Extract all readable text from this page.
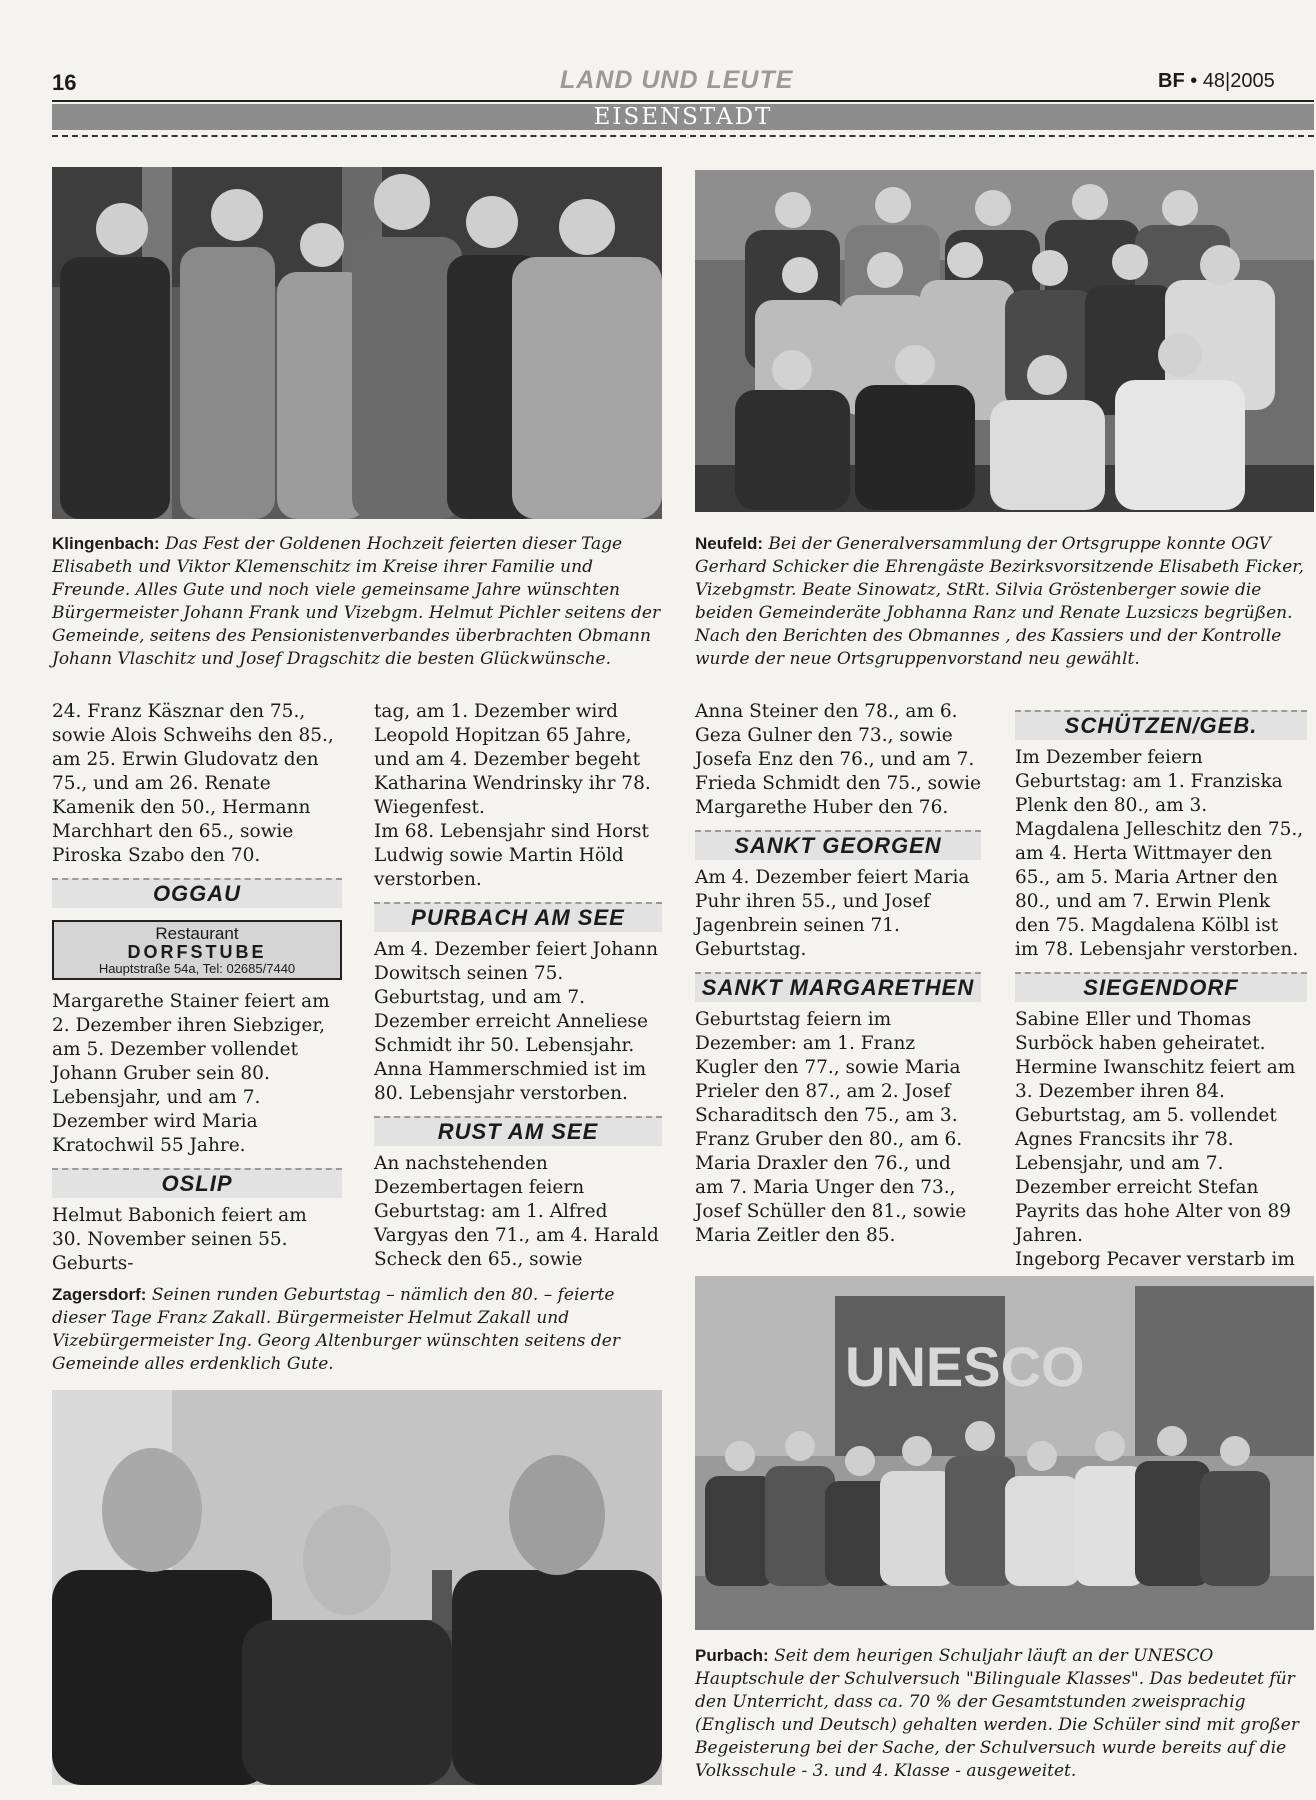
16	LAND UND LEUTE	BF • 48|2005
EISENSTADT
Klingenbach: Das Fest der Goldenen Hochzeit feierten dieser Tage Elisabeth und Viktor Klemenschitz im Kreise ihrer Familie und Freunde. Alles Gute und noch viele gemeinsame Jahre wünschten Bürgermeister Johann Frank und Vizebgm. Helmut Pichler seitens der Gemeinde, seitens des Pensionistenverbandes überbrachten Obmann Johann Vlaschitz und Josef Dragschitz die besten Glückwünsche.
Neufeld: Bei der Generalversammlung der Ortsgruppe konnte OGV Gerhard Schicker die Ehrengäste Bezirksvorsitzende Elisabeth Ficker, Vizebgmstr. Beate Sinowatz, StRt. Silvia Gröstenberger sowie die beiden Gemeinderäte Jobhanna Ranz und Renate Luzsiczs begrüßen. Nach den Berichten des Obmannes , des Kassiers und der Kontrolle wurde der neue Ortsgruppenvorstand neu gewählt.

24. Franz Käsznar den 75., sowie Alois Schweihs den 85., am 25. Erwin Gludovatz den 75., und am 26. Renate Kamenik den 50., Hermann Marchhart den 65., sowie Piroska Szabo den 70.

OGGAU
Restaurant
DORFSTUBE
Hauptstraße 54a, Tel: 02685/7440

Margarethe Stainer feiert am 2. Dezember ihren Siebziger, am 5. Dezember vollendet Johann Gruber sein 80. Lebensjahr, und am 7. Dezember wird Maria Kratochwil 55 Jahre.

OSLIP

Helmut Babonich feiert am 30. November seinen 55. Geburts-

tag, am 1. Dezember wird Leopold Hopitzan 65 Jahre, und am 4. Dezember begeht Katharina Wendrinsky ihr 78. Wiegenfest.

Im 68. Lebensjahr sind Horst Ludwig sowie Martin Höld verstorben.

PURBACH AM SEE

Am 4. Dezember feiert Johann Dowitsch seinen 75. Geburtstag, und am 7. Dezember erreicht Anneliese Schmidt ihr 50. Lebensjahr.

Anna Hammerschmied ist im 80. Lebensjahr verstorben.

RUST AM SEE

An nachstehenden Dezembertagen feiern Geburtstag: am 1. Alfred Vargyas den 71., am 4. Harald Scheck den 65., sowie

Anna Steiner den 78., am 6. Geza Gulner den 73., sowie Josefa Enz den 76., und am 7. Frieda Schmidt den 75., sowie Margarethe Huber den 76.

SANKT GEORGEN

Am 4. Dezember feiert Maria Puhr ihren 55., und Josef Jagenbrein seinen 71. Geburtstag.

SANKT MARGARETHEN

Geburtstag feiern im Dezember: am 1. Franz Kugler den 77., sowie Maria Prieler den 87., am 2. Josef Scharaditsch den 75., am 3. Franz Gruber den 80., am 6. Maria Draxler den 76., und am 7. Maria Unger den 73., Josef Schüller den 81., sowie Maria Zeitler den 85.

SCHÜTZEN/GEB.

Im Dezember feiern Geburtstag: am 1. Franziska Plenk den 80., am 3. Magdalena Jelleschitz den 75., am 4. Herta Wittmayer den 65., am 5. Maria Artner den 80., und am 7. Erwin Plenk den 75. Magdalena Kölbl ist im 78. Lebensjahr verstorben.

SIEGENDORF

Sabine Eller und Thomas Surböck haben geheiratet.

Hermine Iwanschitz feiert am 3. Dezember ihren 84. Geburtstag, am 5. vollendet Agnes Francsits ihr 78. Lebensjahr, und am 7. Dezember erreicht Stefan Payrits das hohe Alter von 89 Jahren.

Ingeborg Pecaver verstarb im

Zagersdorf: Seinen runden Geburtstag – nämlich den 80. – feierte dieser Tage Franz Zakall. Bürgermeister Helmut Zakall und Vizebürgermeister Ing. Georg Altenburger wünschten seitens der Gemeinde alles erdenklich Gute.	UNESCO
Purbach: Seit dem heurigen Schuljahr läuft an der UNESCO Hauptschule der Schulversuch "Bilinguale Klasses". Das bedeutet für den Unterricht, dass ca. 70 % der Gesamtstunden zweisprachig (Englisch und Deutsch) gehalten werden. Die Schüler sind mit großer Begeisterung bei der Sache, der Schulversuch wurde bereits auf die Volksschule - 3. und 4. Klasse - ausgeweitet.
